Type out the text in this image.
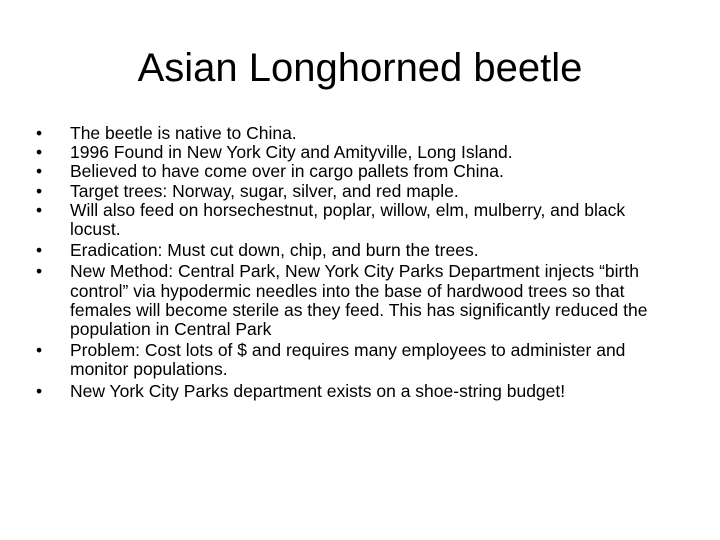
Asian Longhorned beetle
•	The beetle is native to China.
•	1996 Found in New York City and Amityville, Long Island.
•	Believed to have come over in cargo pallets from China.
•	Target trees: Norway, sugar, silver, and red maple.
•	Will also feed on horsechestnut, poplar, willow, elm, mulberry, and black locust.
•	Eradication: Must cut down, chip, and burn the trees.
•	New Method: Central Park, New York City Parks Department injects “birth control” via hypodermic needles into the base of hardwood trees so that females will become sterile as they feed. This has significantly reduced the population in Central Park
•	Problem: Cost lots of $ and requires many employees to administer and monitor populations.
•	New York City Parks department exists on a shoe-string budget!
